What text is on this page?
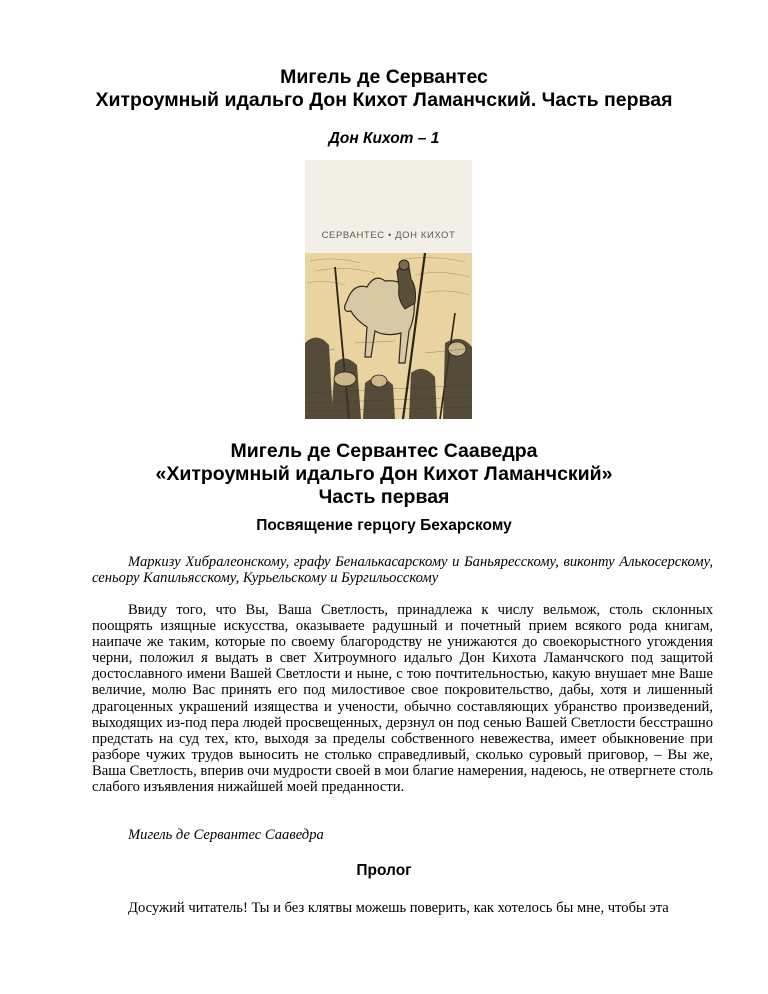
Мигель де Сервантес
Хитроумный идальго Дон Кихот Ламанчский. Часть первая

Дон Кихот – 1

СЕРВАНТЕС • ДОН КИХОТ
Мигель де Сервантес Сааведра
«Хитроумный идальго Дон Кихот Ламанчский»
Часть первая
Посвящение герцогу Бехарскому

Маркизу Хибралеонскому, графу Беналькасарскому и Баньяресскому, виконту Алькосерскому, сеньору Капильясскому, Курьельскому и Бургильосскому

Ввиду того, что Вы, Ваша Светлость, принадлежа к числу вельмож, столь склонных поощрять изящные искусства, оказываете радушный и почетный прием всякого рода книгам, наипаче же таким, которые по своему благородству не унижаются до своекорыстного угождения черни, положил я выдать в свет Хитроумного идальго Дон Кихота Ламанчского под защитой достославного имени Вашей Светлости и ныне, с тою почтительностью, какую внушает мне Ваше величие, молю Вас принять его под милостивое свое покровительство, дабы, хотя и лишенный драгоценных украшений изящества и учености, обычно составляющих убранство произведений, выходящих из-под пера людей просвещенных, дерзнул он под сенью Вашей Светлости бесстрашно предстать на суд тех, кто, выходя за пределы собственного невежества, имеет обыкновение при разборе чужих трудов выносить не столько справедливый, сколько суровый приговор, – Вы же, Ваша Светлость, вперив очи мудрости своей в мои благие намерения, надеюсь, не отвергнете столь слабого изъявления нижайшей моей преданности.

Мигель де Сервантес Сааведра

Пролог

Досужий читатель! Ты и без клятвы можешь поверить, как хотелось бы мне, чтобы эта
